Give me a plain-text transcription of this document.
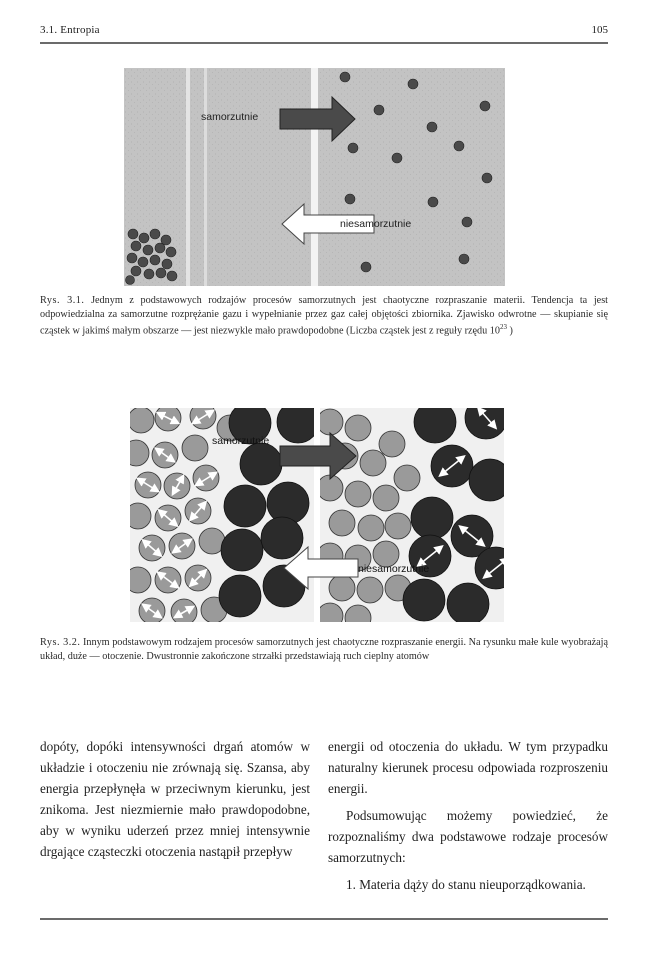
3.1. Entropia	105
samorzutnie
niesamorzutnie
Rys. 3.1. Jednym z podstawowych rodzajów procesów samorzutnych jest chaotyczne rozpraszanie materii. Tendencja ta jest odpowiedzialna za samorzutne rozprężanie gazu i wypełnianie przez gaz całej objętości zbiornika. Zjawisko odwrotne — skupianie się cząstek w jakimś małym obszarze — jest niezwykle mało prawdopodobne (Liczba cząstek jest z reguły rzędu $10^{23}$ )
samorzutnie
niesamorzutnie
Rys. 3.2. Innym podstawowym rodzajem procesów samorzutnych jest chaotyczne rozpraszanie energii. Na rysunku małe kule wyobrażają układ, duże — otoczenie. Dwustronnie zakończone strzałki przedstawiają ruch cieplny atomów

dopóty, dopóki intensywności drgań atomów w układzie i otoczeniu nie zrównają się. Szansa, aby energia przepłynęła w przeciwnym kierunku, jest znikoma. Jest niezmiernie mało prawdopodobne, aby w wyniku uderzeń przez mniej intensywnie drgające cząsteczki otoczenia nastąpił przepływ

energii od otoczenia do układu. W tym przypadku naturalny kierunek procesu odpowiada rozproszeniu energii.

Podsumowując możemy powiedzieć, że rozpoznaliśmy dwa podstawowe rodzaje procesów samorzutnych:

1. Materia dąży do stanu nieuporządkowania.
